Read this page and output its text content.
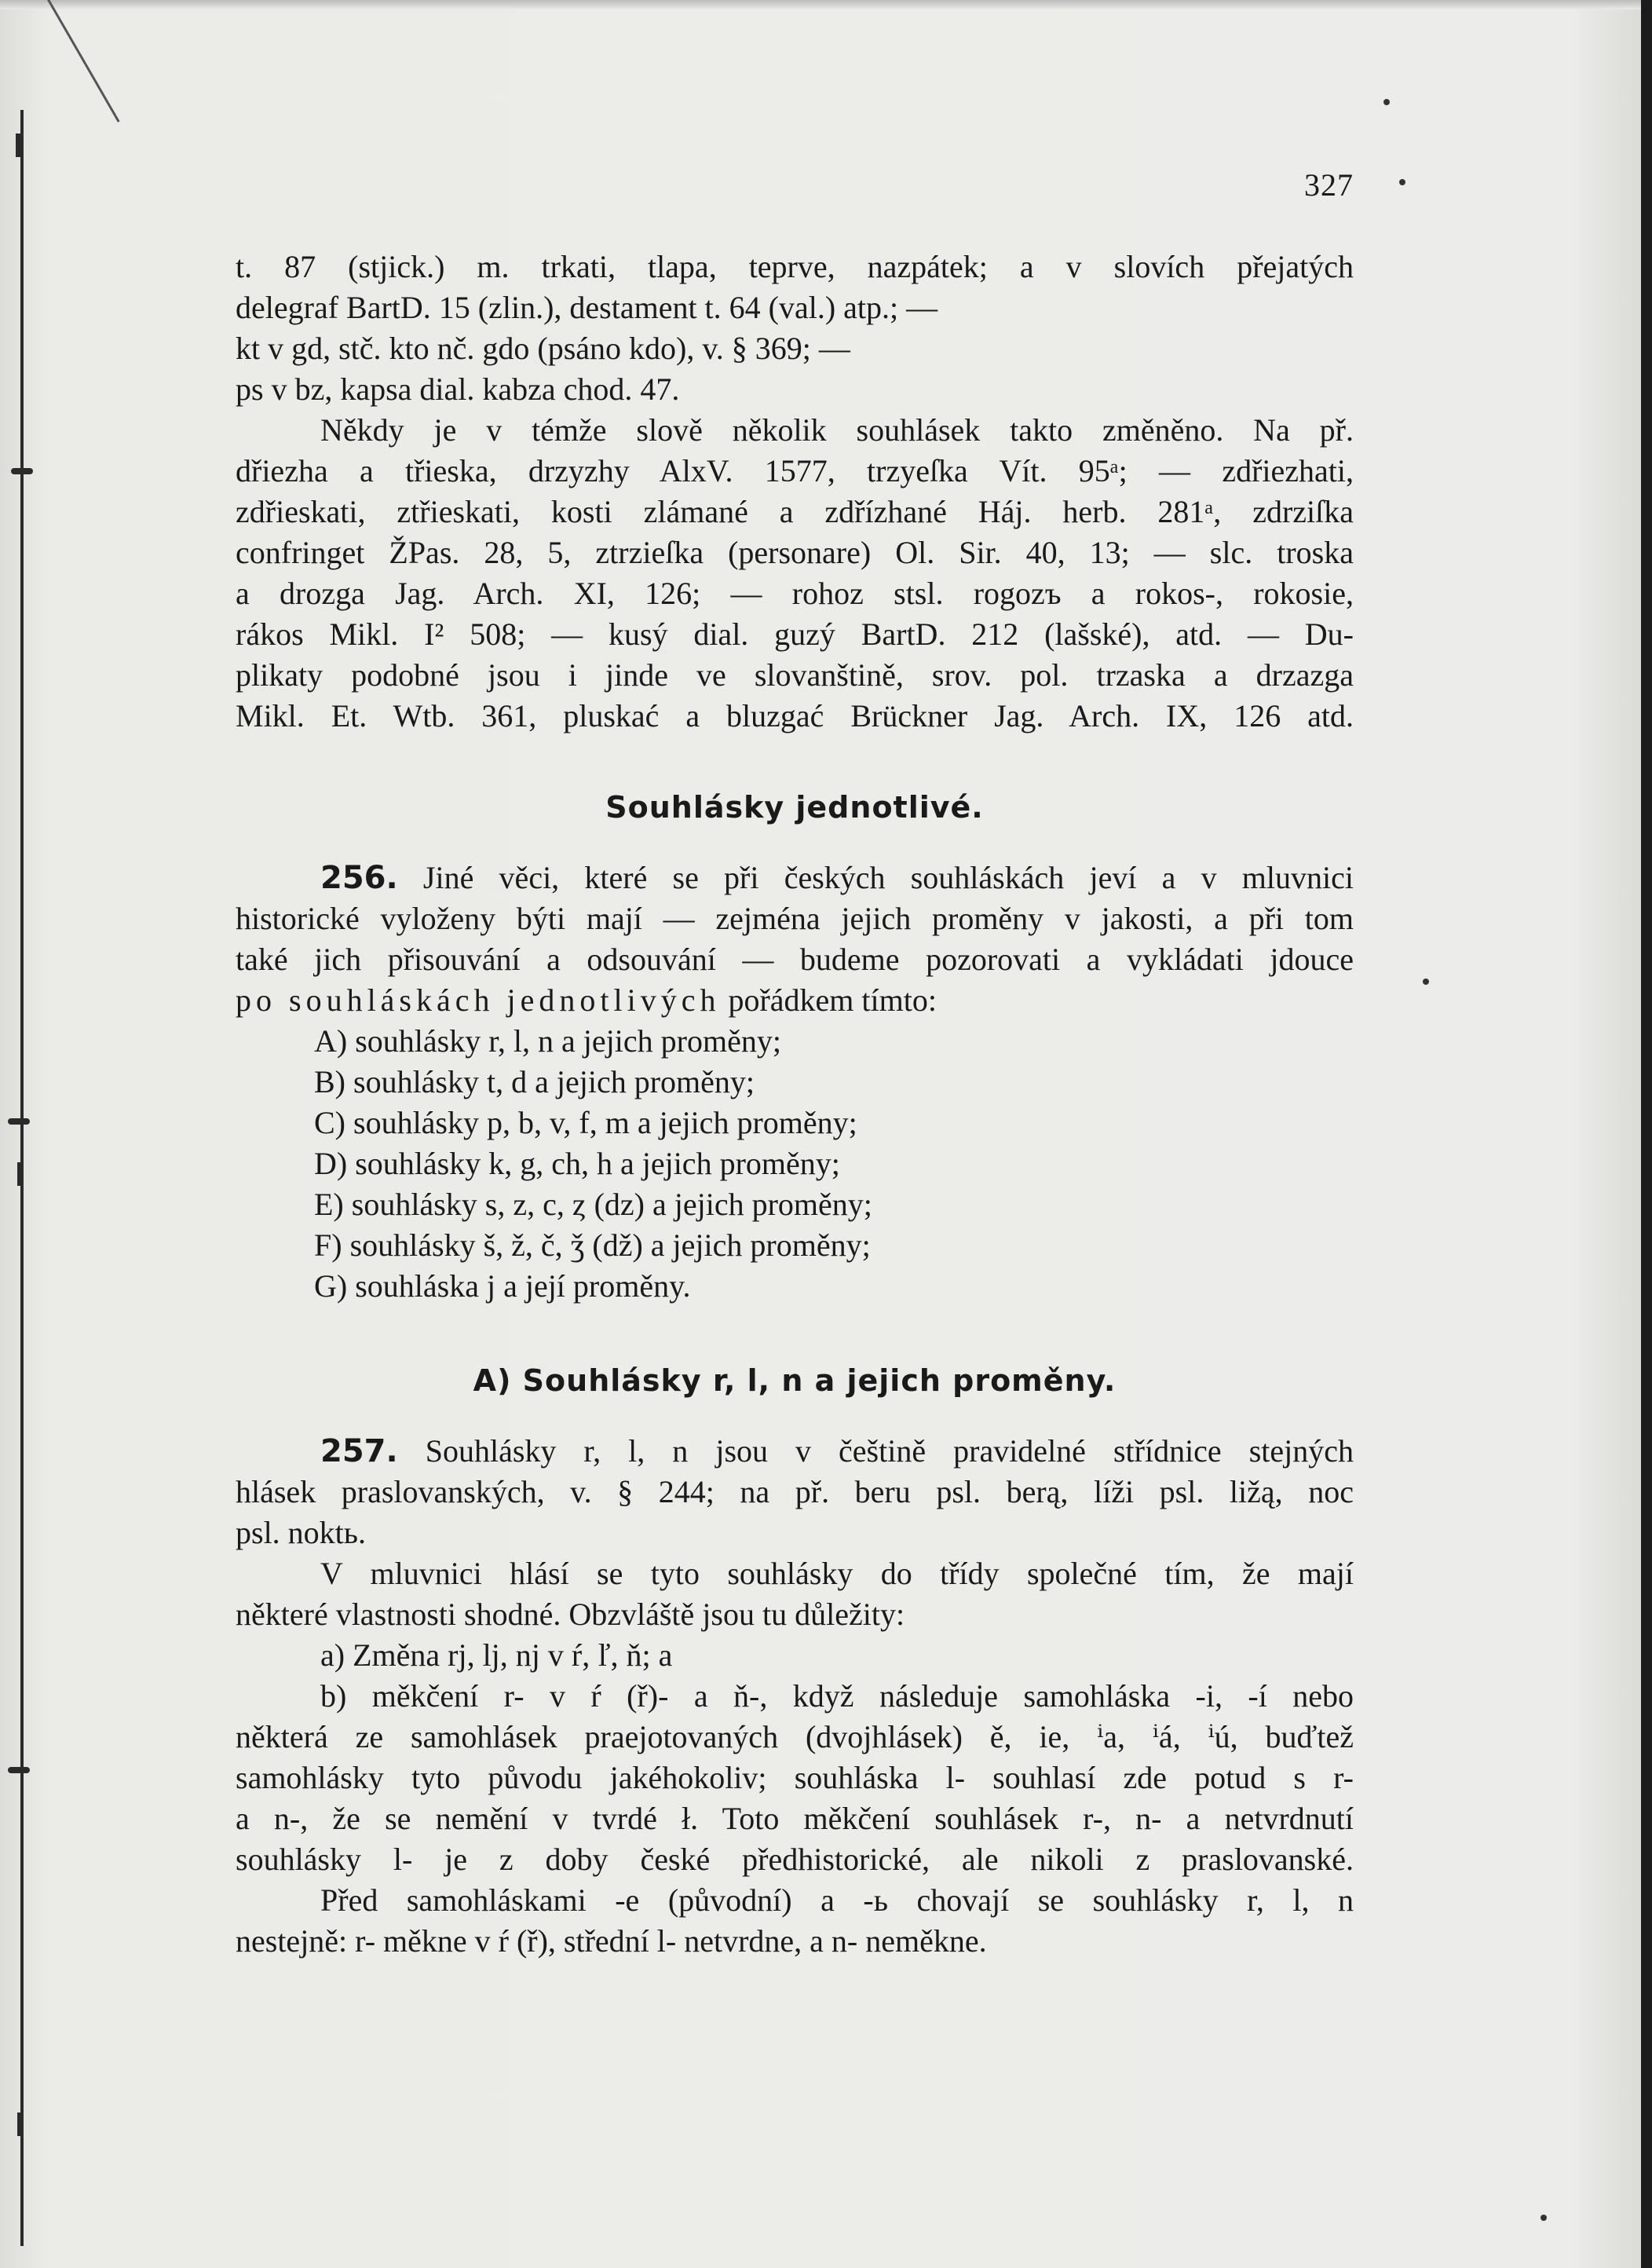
327
t. 87 (stjick.) m. trkati, tlapa, teprve, nazpátek; a v slovích přejatých
delegraf BartD. 15 (zlin.), destament t. 64 (val.) atp.; —
kt v gd, stč. kto nč. gdo (psáno kdo), v. § 369; —
ps v bz, kapsa dial. kabza chod. 47.
Někdy je v témže slově několik souhlásek takto změněno. Na př.
dřiezha a třieska, drzyzhy AlxV. 1577, trzyeſka Vít. 95ᵃ; — zdřiezhati,
zdřieskati, ztřieskati, kosti zlámané a zdřízhané Háj. herb. 281ᵃ, zdrziſka
confringet ŽPas. 28, 5, ztrzieſka (personare) Ol. Sir. 40, 13; — slc. troska
a drozga Jag. Arch. XI, 126; — rohoz stsl. rogozъ a rokos-, rokosie,
rákos Mikl. I² 508; — kusý dial. guzý BartD. 212 (lašské), atd. — Du-
plikaty podobné jsou i jinde ve slovanštině, srov. pol. trzaska a drzazga
Mikl. Et. Wtb. 361, pluskać a bluzgać Brückner Jag. Arch. IX, 126 atd.
Souhlásky jednotlivé.
256. Jiné věci, které se při českých souhláskách jeví a v mluvnici
historické vyloženy býti mají — zejména jejich proměny v jakosti, a při tom
také jich přisouvání a odsouvání — budeme pozorovati a vykládati jdouce
po souhláskách jednotlivých pořádkem tímto:
A) souhlásky r, l, n a jejich proměny;
B) souhlásky t, d a jejich proměny;
C) souhlásky p, b, v, f, m a jejich proměny;
D) souhlásky k, g, ch, h a jejich proměny;
E) souhlásky s, z, c, ȥ (dz) a jejich proměny;
F) souhlásky š, ž, č, ǯ (dž) a jejich proměny;
G) souhláska j a její proměny.
A) Souhlásky r, l, n a jejich proměny.
257. Souhlásky r, l, n jsou v češtině pravidelné střídnice stejných
hlásek praslovanských, v. § 244; na př. beru psl. berą, líži psl. ližą, noc
psl. noktь.
V mluvnici hlásí se tyto souhlásky do třídy společné tím, že mají
některé vlastnosti shodné. Obzvláště jsou tu důležity:
a) Změna rj, lj, nj v ŕ, ľ, ň; a
b) měkčení r- v ŕ (ř)- a ň-, když následuje samohláska -i, -í nebo
některá ze samohlásek praejotovaných (dvojhlásek) ě, ie, ⁱa, ⁱá, ⁱú, buďtež
samohlásky tyto původu jakéhokoliv; souhláska l- souhlasí zde potud s r-
a n-, že se nemění v tvrdé ł. Toto měkčení souhlásek r-, n- a netvrdnutí
souhlásky l- je z doby české předhistorické, ale nikoli z praslovanské.
Před samohláskami -e (původní) a -ь chovají se souhlásky r, l, n
nestejně: r- měkne v ŕ (ř), střední l- netvrdne, a n- neměkne.
